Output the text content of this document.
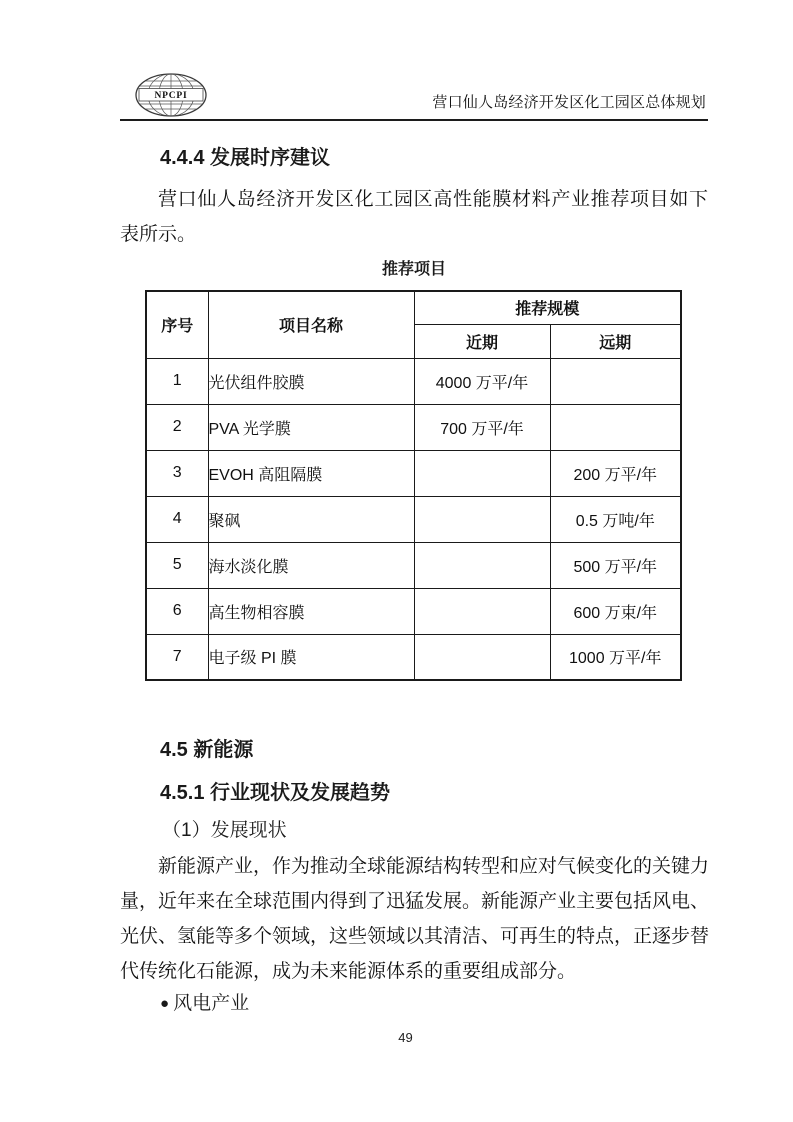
NPCPI	营口仙人岛经济开发区化工园区总体规划
4.4.4 发展时序建议
营口仙人岛经济开发区化工园区高性能膜材料产业推荐项目如下
表所示。
推荐项目
序号	项目名称	推荐规模	
		近期	远期
1	光伏组件胶膜	4000 万平/年	
2	PVA 光学膜	700 万平/年	
3	EVOH 高阻隔膜		200 万平/年
4	聚砜		0.5 万吨/年
5	海水淡化膜		500 万平/年
6	高生物相容膜		600 万束/年
7	电子级 PI 膜		1000 万平/年
4.5 新能源
4.5.1 行业现状及发展趋势
（1）发展现状
新能源产业，作为推动全球能源结构转型和应对气候变化的关键力
量，近年来在全球范围内得到了迅猛发展。新能源产业主要包括风电、
光伏、氢能等多个领域，这些领域以其清洁、可再生的特点，正逐步替
代传统化石能源，成为未来能源体系的重要组成部分。
● 风电产业
49
